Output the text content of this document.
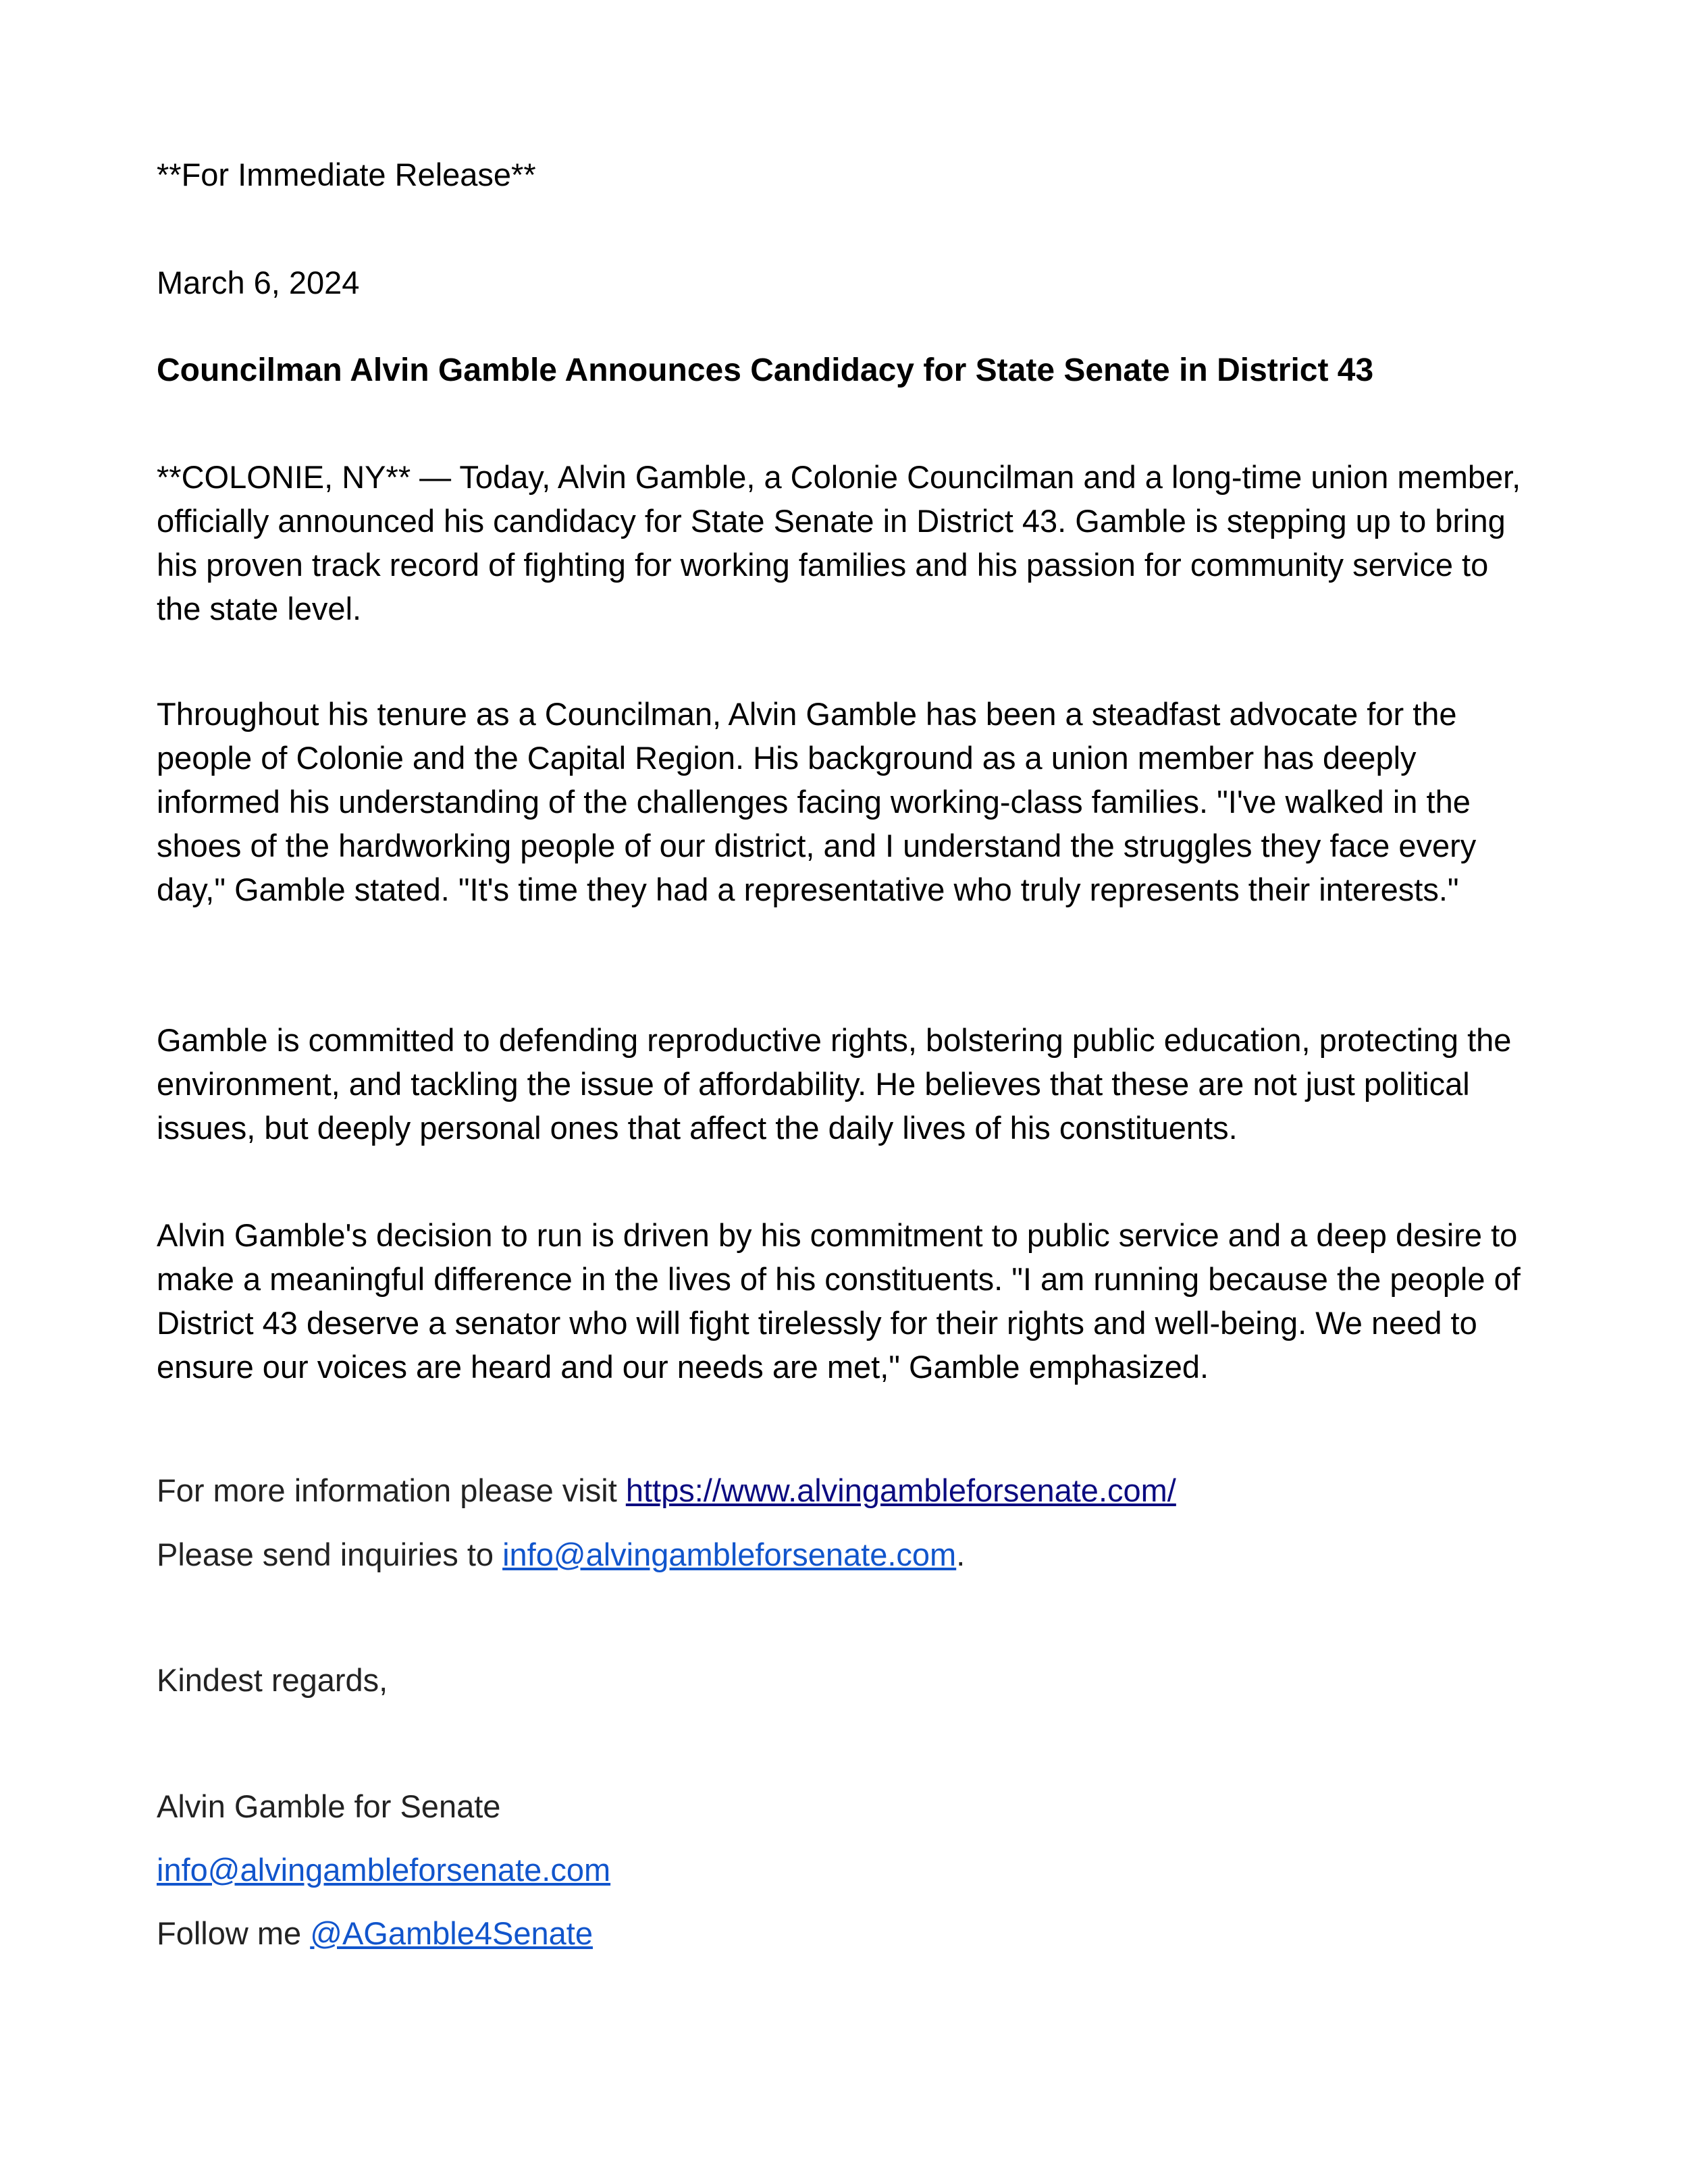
**For Immediate Release**

March 6, 2024

Councilman Alvin Gamble Announces Candidacy for State Senate in District 43

**COLONIE, NY** — Today, Alvin Gamble, a Colonie Councilman and a long-time union member, officially announced his candidacy for State Senate in District 43. Gamble is stepping up to bring his proven track record of fighting for working families and his passion for community service to the state level.

Throughout his tenure as a Councilman, Alvin Gamble has been a steadfast advocate for the people of Colonie and the Capital Region. His background as a union member has deeply informed his understanding of the challenges facing working-class families. "I've walked in the shoes of the hardworking people of our district, and I understand the struggles they face every day," Gamble stated. "It's time they had a representative who truly represents their interests."

Gamble is committed to defending reproductive rights, bolstering public education, protecting the environment, and tackling the issue of affordability. He believes that these are not just political issues, but deeply personal ones that affect the daily lives of his constituents.

Alvin Gamble's decision to run is driven by his commitment to public service and a deep desire to make a meaningful difference in the lives of his constituents. "I am running because the people of District 43 deserve a senator who will fight tirelessly for their rights and well-being. We need to ensure our voices are heard and our needs are met," Gamble emphasized.

For more information please visit https://www.alvingambleforsenate.com/

Please send inquiries to info@alvingambleforsenate.com.

Kindest regards,

Alvin Gamble for Senate

info@alvingambleforsenate.com

Follow me @AGamble4Senate
